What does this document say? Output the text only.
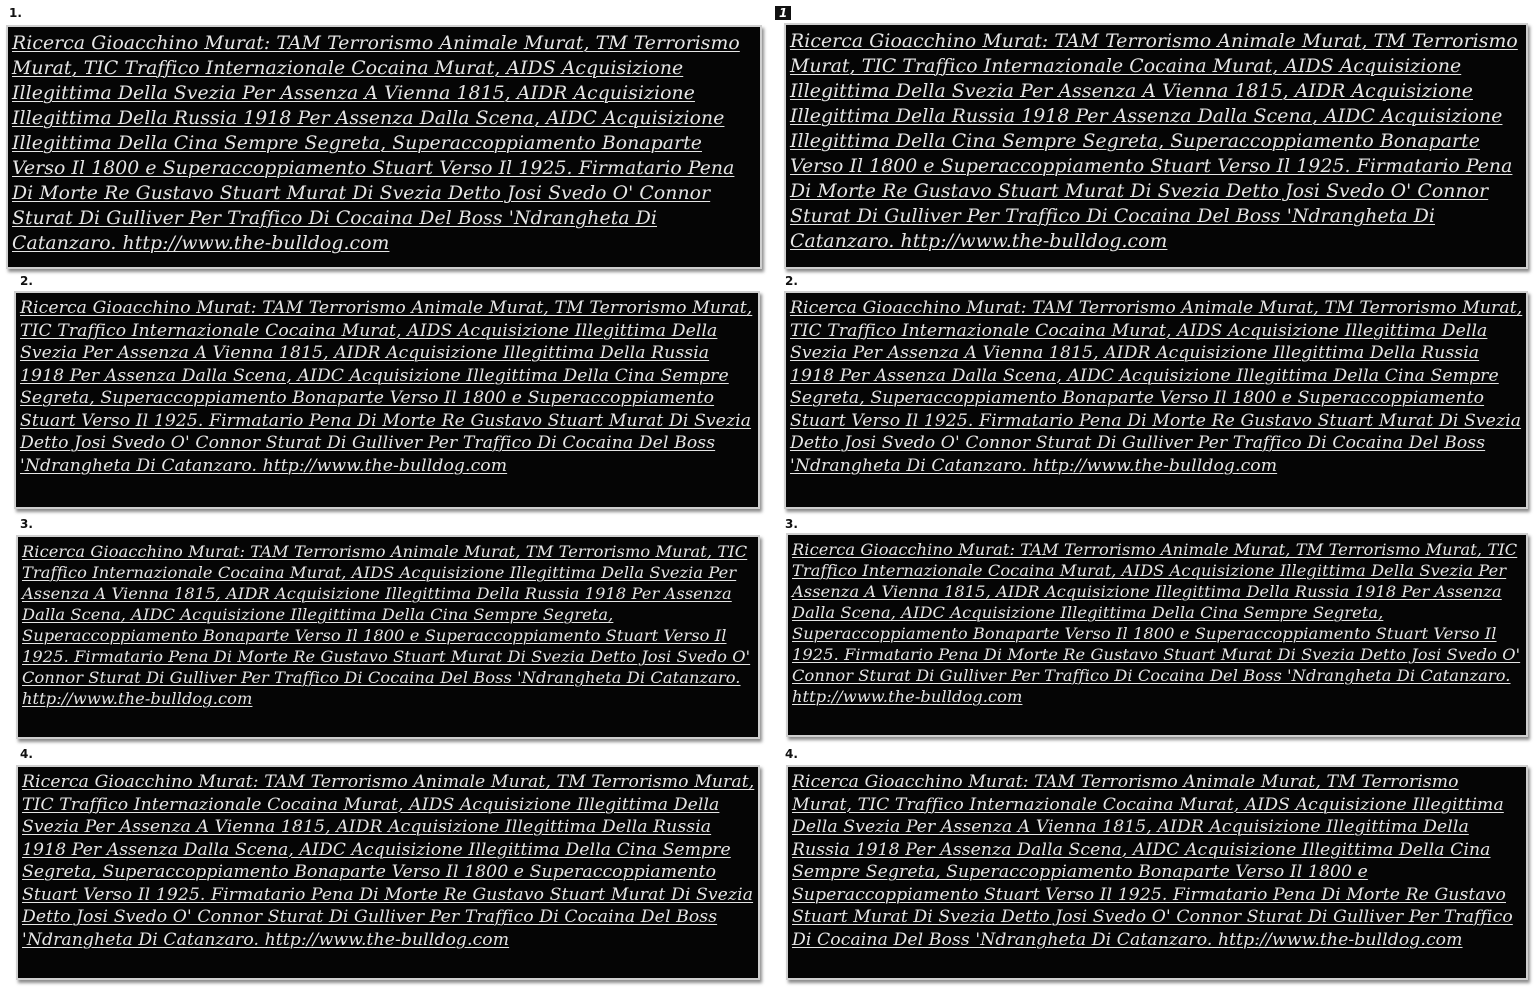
1.	1
2.	2.
3.	3.
4.	4.

Ricerca Gioacchino Murat: TAM Terrorismo Animale Murat, TM Terrorismo Murat, TIC Traffico Internazionale Cocaina Murat, AIDS Acquisizione Illegittima Della Svezia Per Assenza A Vienna 1815, AIDR Acquisizione Illegittima Della Russia 1918 Per Assenza Dalla Scena, AIDC Acquisizione Illegittima Della Cina Sempre Segreta, Superaccoppiamento Bonaparte Verso Il 1800 e Superaccoppiamento Stuart Verso Il 1925. Firmatario Pena Di Morte Re Gustavo Stuart Murat Di Svezia Detto Josi Svedo O' Connor Sturat Di Gulliver Per Traffico Di Cocaina Del Boss 'Ndrangheta Di Catanzaro. http://www.the-bulldog.com

Ricerca Gioacchino Murat: TAM Terrorismo Animale Murat, TM Terrorismo Murat, TIC Traffico Internazionale Cocaina Murat, AIDS Acquisizione Illegittima Della Svezia Per Assenza A Vienna 1815, AIDR Acquisizione Illegittima Della Russia 1918 Per Assenza Dalla Scena, AIDC Acquisizione Illegittima Della Cina Sempre Segreta, Superaccoppiamento Bonaparte Verso Il 1800 e Superaccoppiamento Stuart Verso Il 1925. Firmatario Pena Di Morte Re Gustavo Stuart Murat Di Svezia Detto Josi Svedo O' Connor Sturat Di Gulliver Per Traffico Di Cocaina Del Boss 'Ndrangheta Di Catanzaro. http://www.the-bulldog.com

Ricerca Gioacchino Murat: TAM Terrorismo Animale Murat, TM Terrorismo Murat, TIC Traffico Internazionale Cocaina Murat, AIDS Acquisizione Illegittima Della Svezia Per Assenza A Vienna 1815, AIDR Acquisizione Illegittima Della Russia 1918 Per Assenza Dalla Scena, AIDC Acquisizione Illegittima Della Cina Sempre Segreta, Superaccoppiamento Bonaparte Verso Il 1800 e Superaccoppiamento Stuart Verso Il 1925. Firmatario Pena Di Morte Re Gustavo Stuart Murat Di Svezia Detto Josi Svedo O' Connor Sturat Di Gulliver Per Traffico Di Cocaina Del Boss 'Ndrangheta Di Catanzaro. http://www.the-bulldog.com

Ricerca Gioacchino Murat: TAM Terrorismo Animale Murat, TM Terrorismo Murat, TIC Traffico Internazionale Cocaina Murat, AIDS Acquisizione Illegittima Della Svezia Per Assenza A Vienna 1815, AIDR Acquisizione Illegittima Della Russia 1918 Per Assenza Dalla Scena, AIDC Acquisizione Illegittima Della Cina Sempre Segreta, Superaccoppiamento Bonaparte Verso Il 1800 e Superaccoppiamento Stuart Verso Il 1925. Firmatario Pena Di Morte Re Gustavo Stuart Murat Di Svezia Detto Josi Svedo O' Connor Sturat Di Gulliver Per Traffico Di Cocaina Del Boss 'Ndrangheta Di Catanzaro. http://www.the-bulldog.com

Ricerca Gioacchino Murat: TAM Terrorismo Animale Murat, TM Terrorismo Murat, TIC Traffico Internazionale Cocaina Murat, AIDS Acquisizione Illegittima Della Svezia Per Assenza A Vienna 1815, AIDR Acquisizione Illegittima Della Russia 1918 Per Assenza Dalla Scena, AIDC Acquisizione Illegittima Della Cina Sempre Segreta, Superaccoppiamento Bonaparte Verso Il 1800 e Superaccoppiamento Stuart Verso Il 1925. Firmatario Pena Di Morte Re Gustavo Stuart Murat Di Svezia Detto Josi Svedo O' Connor Sturat Di Gulliver Per Traffico Di Cocaina Del Boss 'Ndrangheta Di Catanzaro. http://www.the-bulldog.com

Ricerca Gioacchino Murat: TAM Terrorismo Animale Murat, TM Terrorismo Murat, TIC Traffico Internazionale Cocaina Murat, AIDS Acquisizione Illegittima Della Svezia Per Assenza A Vienna 1815, AIDR Acquisizione Illegittima Della Russia 1918 Per Assenza Dalla Scena, AIDC Acquisizione Illegittima Della Cina Sempre Segreta, Superaccoppiamento Bonaparte Verso Il 1800 e Superaccoppiamento Stuart Verso Il 1925. Firmatario Pena Di Morte Re Gustavo Stuart Murat Di Svezia Detto Josi Svedo O' Connor Sturat Di Gulliver Per Traffico Di Cocaina Del Boss 'Ndrangheta Di Catanzaro. http://www.the-bulldog.com

Ricerca Gioacchino Murat: TAM Terrorismo Animale Murat, TM Terrorismo Murat, TIC Traffico Internazionale Cocaina Murat, AIDS Acquisizione Illegittima Della Svezia Per Assenza A Vienna 1815, AIDR Acquisizione Illegittima Della Russia 1918 Per Assenza Dalla Scena, AIDC Acquisizione Illegittima Della Cina Sempre Segreta, Superaccoppiamento Bonaparte Verso Il 1800 e Superaccoppiamento Stuart Verso Il 1925. Firmatario Pena Di Morte Re Gustavo Stuart Murat Di Svezia Detto Josi Svedo O' Connor Sturat Di Gulliver Per Traffico Di Cocaina Del Boss 'Ndrangheta Di Catanzaro. http://www.the-bulldog.com

Ricerca Gioacchino Murat: TAM Terrorismo Animale Murat, TM Terrorismo Murat, TIC Traffico Internazionale Cocaina Murat, AIDS Acquisizione Illegittima Della Svezia Per Assenza A Vienna 1815, AIDR Acquisizione Illegittima Della Russia 1918 Per Assenza Dalla Scena, AIDC Acquisizione Illegittima Della Cina Sempre Segreta, Superaccoppiamento Bonaparte Verso Il 1800 e Superaccoppiamento Stuart Verso Il 1925. Firmatario Pena Di Morte Re Gustavo Stuart Murat Di Svezia Detto Josi Svedo O' Connor Sturat Di Gulliver Per Traffico Di Cocaina Del Boss 'Ndrangheta Di Catanzaro. http://www.the-bulldog.com
